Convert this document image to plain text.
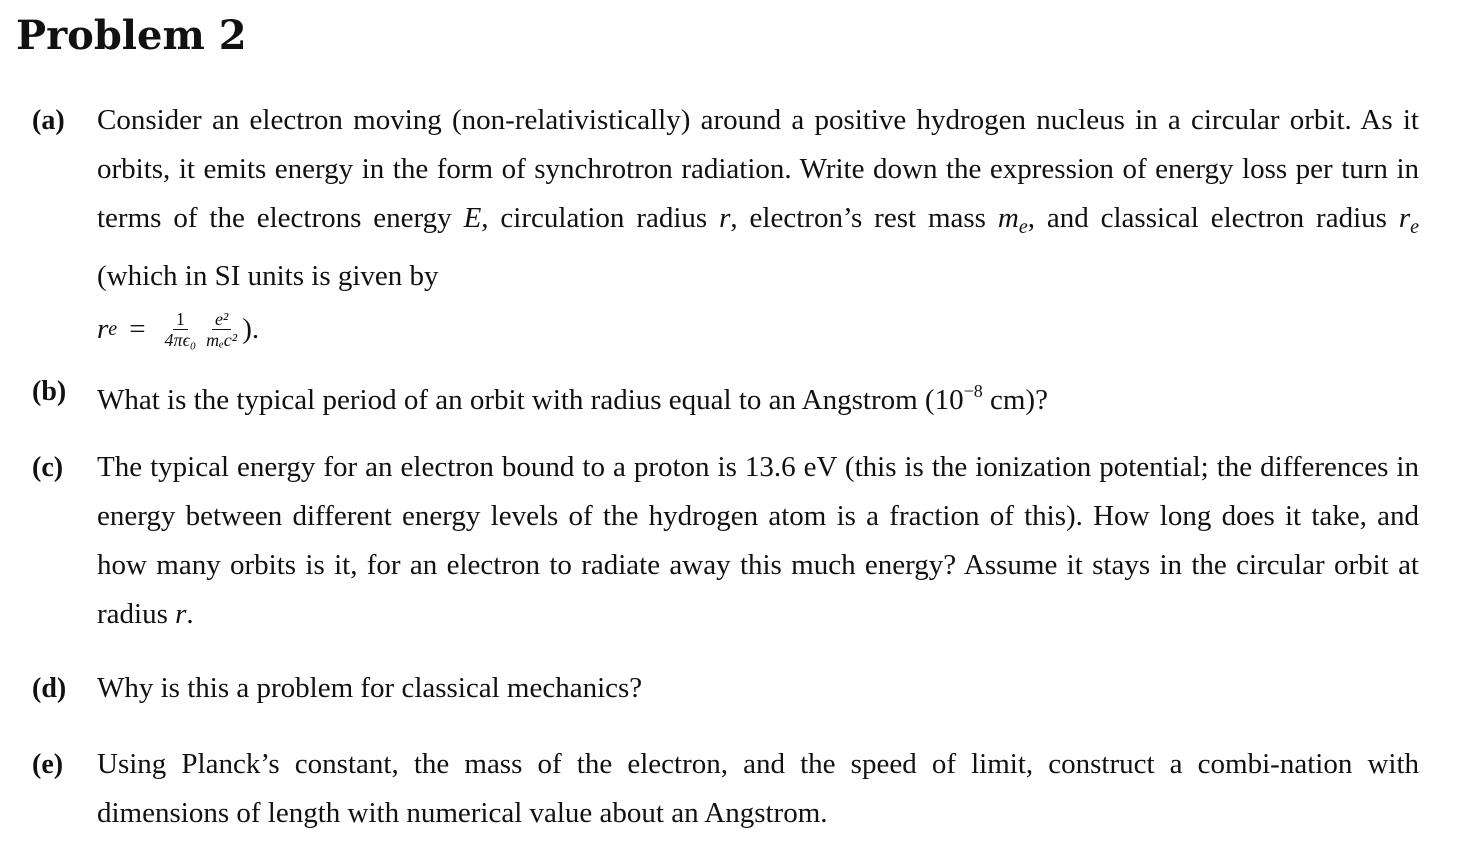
Problem 2
(a) Consider an electron moving (non-relativistically) around a positive hydrogen nucleus in a circular orbit. As it orbits, it emits energy in the form of synchrotron radiation. Write down the expression of energy loss per turn in terms of the electrons energy E, circulation radius r, electron’s rest mass $m_e$, and classical electron radius $r_e$ (which in SI units is given by

r $e = \frac{1}{\text{4πϵ₀}} \frac{\text{e²}}{\text{mₑc²}}$ ).
(b) What is the typical period of an orbit with radius equal to an Angstrom ($10^{-8}$ cm)?
(c) The typical energy for an electron bound to a proton is 13.6 eV (this is the ionization potential; the differences in energy between different energy levels of the hydrogen atom is a fraction of this). How long does it take, and how many orbits is it, for an electron to radiate away this much energy? Assume it stays in the circular orbit at radius r.
(d) Why is this a problem for classical mechanics?
(e) Using Planck’s constant, the mass of the electron, and the speed of limit, construct a combi-nation with dimensions of length with numerical value about an Angstrom.
